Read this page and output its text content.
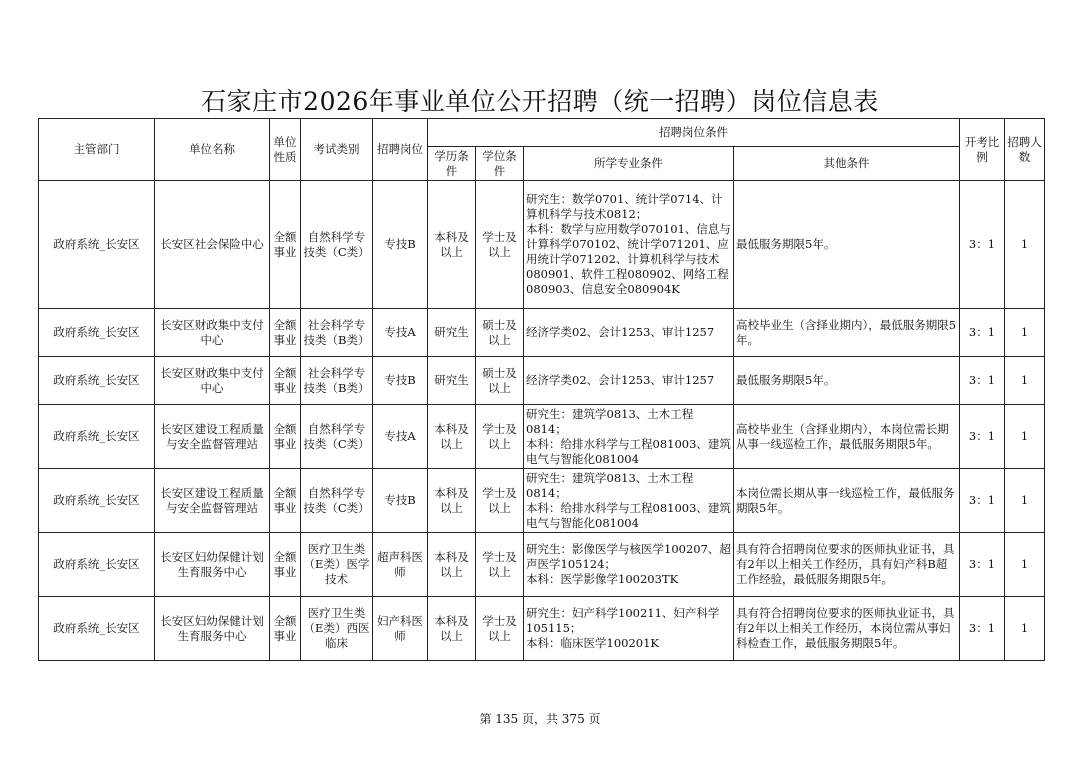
石家庄市2026年事业单位公开招聘（统一招聘）岗位信息表
主管部门	单位名称	单位性质	考试类别	招聘岗位	招聘岗位条件				开考比例	招聘人数
					学历条件	学位条件	所学专业条件	其他条件		
政府系统_长安区	长安区社会保险中心	全额事业	自然科学专技类（C类）	专技B	本科及以上	学士及以上	研究生：数学0701、统计学0714、计算机科学与技术0812；
本科：数学与应用数学070101、信息与计算科学070102、统计学071201、应用统计学071202、计算机科学与技术080901、软件工程080902、网络工程080903、信息安全080904K	最低服务期限5年。	3：1	1
政府系统_长安区	长安区财政集中支付中心	全额事业	社会科学专技类（B类）	专技A	研究生	硕士及以上	经济学类02、会计1253、审计1257	高校毕业生（含择业期内），最低服务期限5年。	3：1	1
政府系统_长安区	长安区财政集中支付中心	全额事业	社会科学专技类（B类）	专技B	研究生	硕士及以上	经济学类02、会计1253、审计1257	最低服务期限5年。	3：1	1
政府系统_长安区	长安区建设工程质量与安全监督管理站	全额事业	自然科学专技类（C类）	专技A	本科及以上	学士及以上	研究生：建筑学0813、土木工程0814；
本科：给排水科学与工程081003、建筑电气与智能化081004	高校毕业生（含择业期内），本岗位需长期从事一线巡检工作，最低服务期限5年。	3：1	1
政府系统_长安区	长安区建设工程质量与安全监督管理站	全额事业	自然科学专技类（C类）	专技B	本科及以上	学士及以上	研究生：建筑学0813、土木工程0814；
本科：给排水科学与工程081003、建筑电气与智能化081004	本岗位需长期从事一线巡检工作，最低服务期限5年。	3：1	1
政府系统_长安区	长安区妇幼保健计划生育服务中心	全额事业	医疗卫生类（E类）医学技术	超声科医师	本科及以上	学士及以上	研究生：影像医学与核医学100207、超声医学105124；
本科：医学影像学100203TK	具有符合招聘岗位要求的医师执业证书，具有2年以上相关工作经历，具有妇产科B超工作经验，最低服务期限5年。	3：1	1
政府系统_长安区	长安区妇幼保健计划生育服务中心	全额事业	医疗卫生类（E类）西医临床	妇产科医师	本科及以上	学士及以上	研究生：妇产科学100211、妇产科学105115；
本科：临床医学100201K	具有符合招聘岗位要求的医师执业证书，具有2年以上相关工作经历，本岗位需从事妇科检查工作，最低服务期限5年。	3：1	1
第 135 页，共 375 页
